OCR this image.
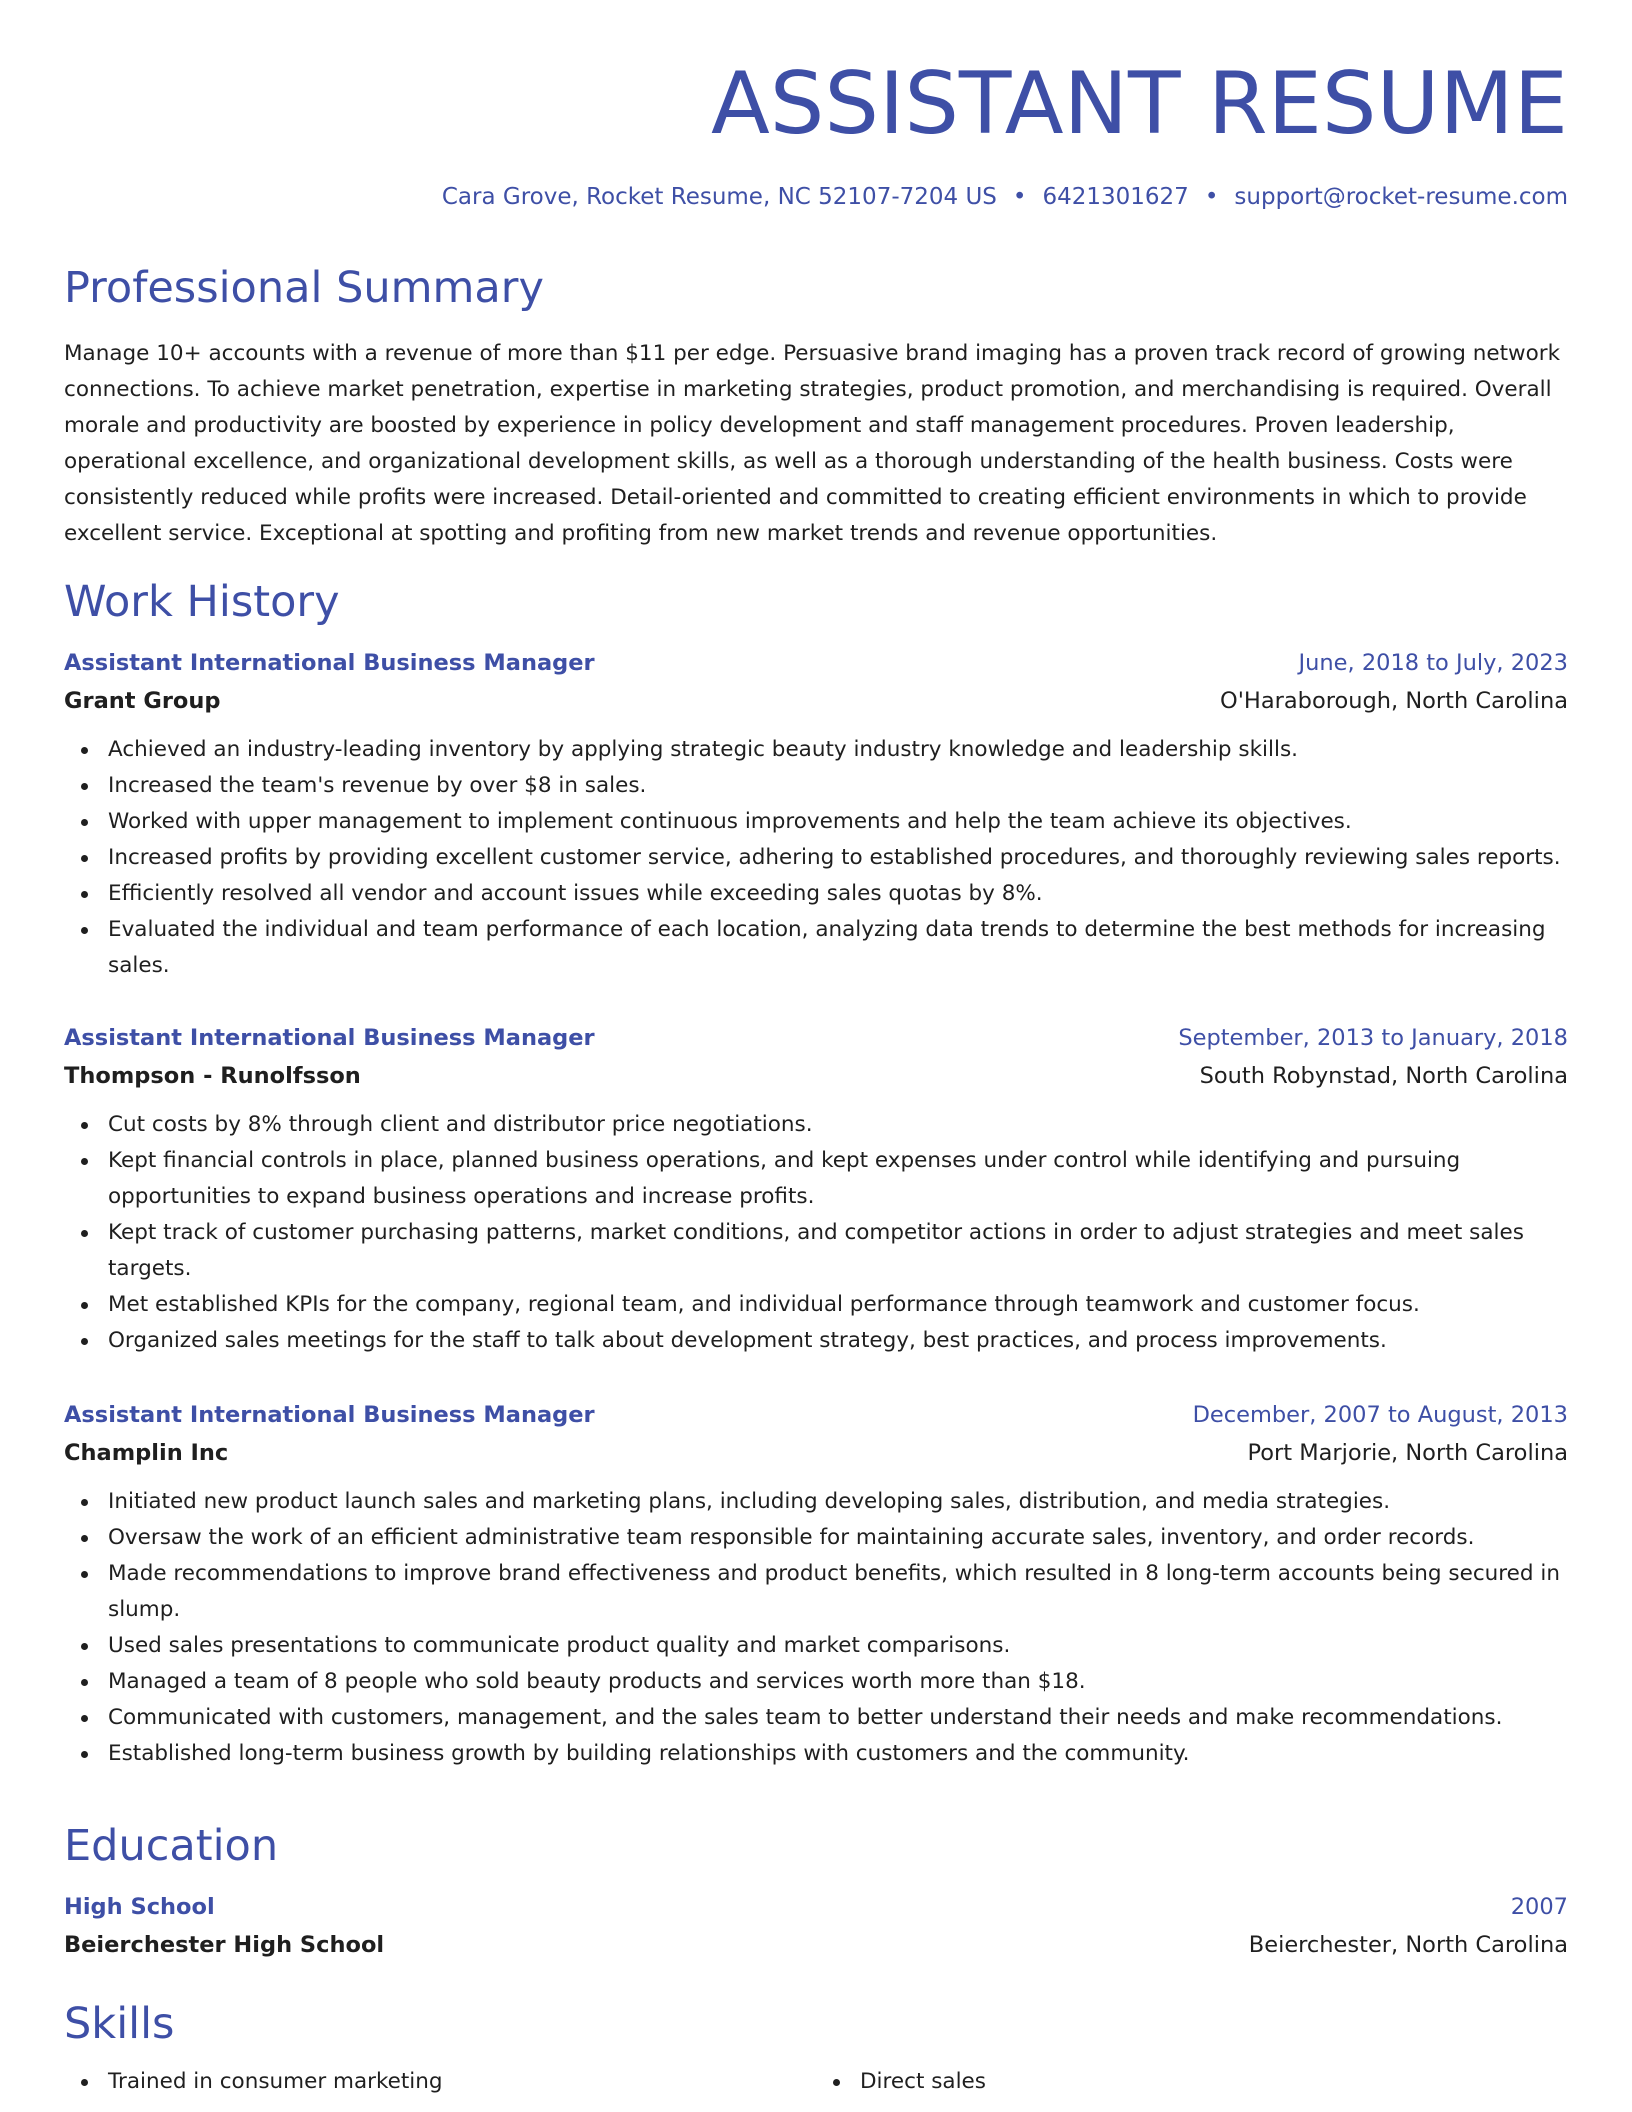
ASSISTANT RESUME
Cara Grove, Rocket Resume, NC 52107-7204 US • 6421301627 • support@rocket-resume.com
Professional Summary

Manage 10+ accounts with a revenue of more than $11 per edge. Persuasive brand imaging has a proven track record of growing network connections. To achieve market penetration, expertise in marketing strategies, product promotion, and merchandising is required. Overall morale and productivity are boosted by experience in policy development and staff management procedures. Proven leadership, operational excellence, and organizational development skills, as well as a thorough understanding of the health business. Costs were consistently reduced while profits were increased. Detail-oriented and committed to creating efficient environments in which to provide excellent service. Exceptional at spotting and profiting from new market trends and revenue opportunities.

Work History
Assistant International Business Manager	June, 2018 to July, 2023
Grant Group	O'Haraborough, North Carolina
Achieved an industry-leading inventory by applying strategic beauty industry knowledge and leadership skills.
Increased the team's revenue by over $8 in sales.
Worked with upper management to implement continuous improvements and help the team achieve its objectives.
Increased profits by providing excellent customer service, adhering to established procedures, and thoroughly reviewing sales reports.
Efficiently resolved all vendor and account issues while exceeding sales quotas by 8%.
Evaluated the individual and team performance of each location, analyzing data trends to determine the best methods for increasing sales.
Assistant International Business Manager	September, 2013 to January, 2018
Thompson - Runolfsson	South Robynstad, North Carolina
Cut costs by 8% through client and distributor price negotiations.
Kept financial controls in place, planned business operations, and kept expenses under control while identifying and pursuing opportunities to expand business operations and increase profits.
Kept track of customer purchasing patterns, market conditions, and competitor actions in order to adjust strategies and meet sales targets.
Met established KPIs for the company, regional team, and individual performance through teamwork and customer focus.
Organized sales meetings for the staff to talk about development strategy, best practices, and process improvements.
Assistant International Business Manager	December, 2007 to August, 2013
Champlin Inc	Port Marjorie, North Carolina
Initiated new product launch sales and marketing plans, including developing sales, distribution, and media strategies.
Oversaw the work of an efficient administrative team responsible for maintaining accurate sales, inventory, and order records.
Made recommendations to improve brand effectiveness and product benefits, which resulted in 8 long-term accounts being secured in slump.
Used sales presentations to communicate product quality and market comparisons.
Managed a team of 8 people who sold beauty products and services worth more than $18.
Communicated with customers, management, and the sales team to better understand their needs and make recommendations.
Established long-term business growth by building relationships with customers and the community.
Education
High School	2007
Beierchester High School	Beierchester, North Carolina
Skills
Trained in consumer marketing	Direct sales
